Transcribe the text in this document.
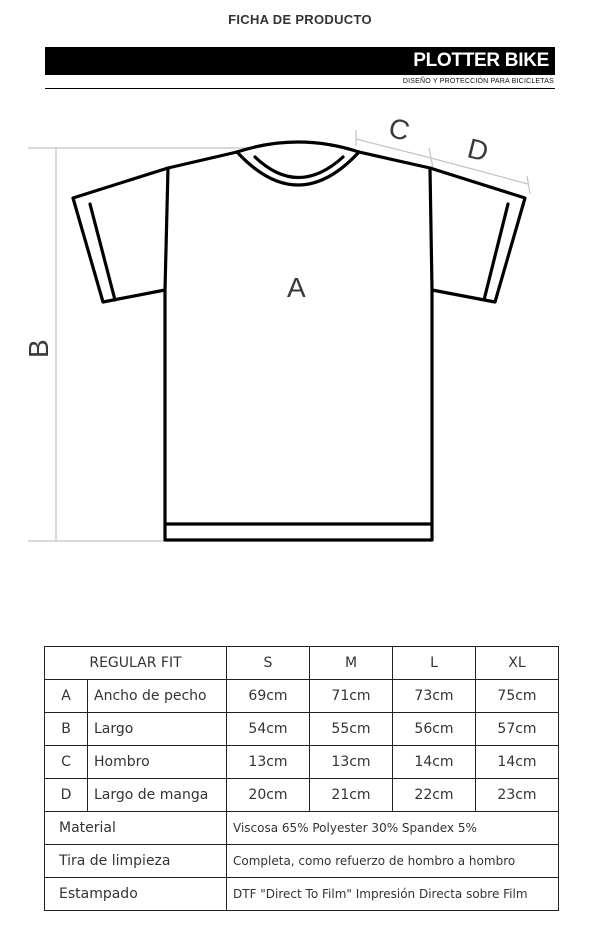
FICHA DE PRODUCTO
PLOTTER BIKE
DISEÑO Y PROTECCIÓN PARA BICICLETAS
A
B
C
D
REGULAR FIT		S	M	L	XL
A	Ancho de pecho	69cm	71cm	73cm	75cm
B	Largo	54cm	55cm	56cm	57cm
C	Hombro	13cm	13cm	14cm	14cm
D	Largo de manga	20cm	21cm	22cm	23cm
Material		Viscosa 65% Polyester 30% Spandex 5%			
Tira de limpieza		Completa, como refuerzo de hombro a hombro			
Estampado		DTF "Direct To Film" Impresión Directa sobre Film			
